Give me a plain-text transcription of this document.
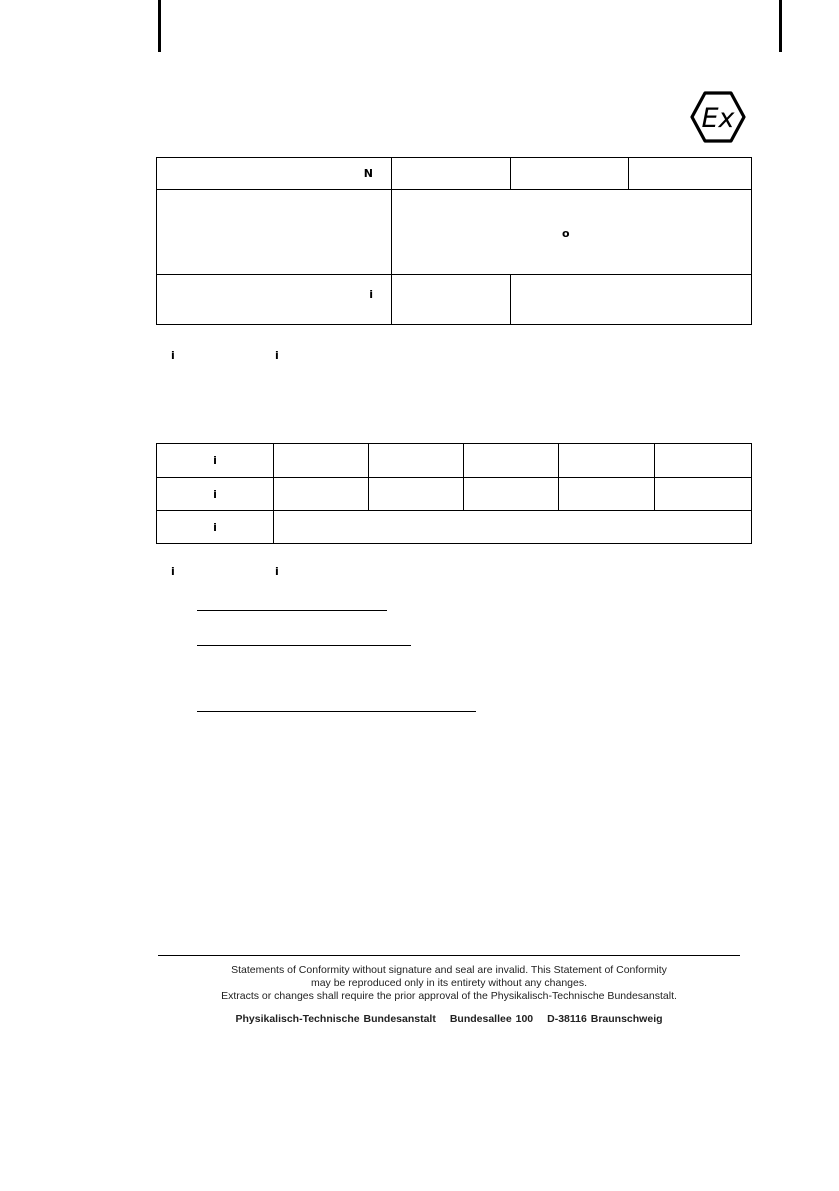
Ex
N			

	o		

i			
i	i
i					
i					
i					
i	i
Statements of Conformity without signature and seal are invalid. This Statement of Conformity
may be reproduced only in its entirety without any changes.
Extracts or changes shall require the prior approval of the Physikalisch-Technische Bundesanstalt.
Physikalisch-Technische Bundesanstalt Bundesallee 100 D-38116 Braunschweig
